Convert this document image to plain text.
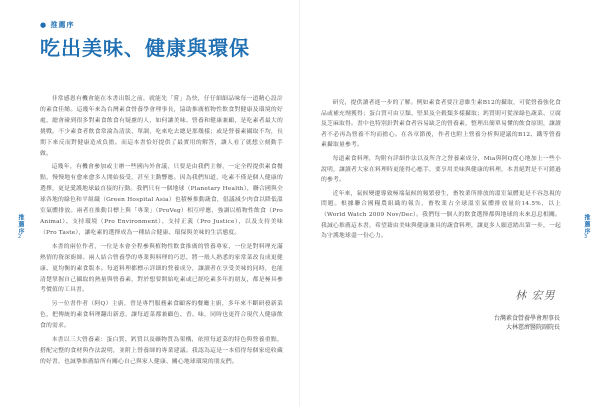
● 推薦序
吃出美味、健康與環保

非常感恩有機會能在本書出版之前，就能先「嘗」為快，仔仔細細品味每一道精心設計的素食佳餚。這幾年來為台灣素食營養學會理事長，協助推廣植物性飲食對健康及環境的好處，總會碰到很多對素食飲食有疑慮的人，如何讓美味、營養和健康兼顧，是吃素者最大的挑戰。不少素食者飲食常淪為清淡、單調，吃來吃去總是那幾樣；或是營養素攝取不均，長期下來反而對健康造成負擔。而這本書恰好提供了最實用的解答，讓人看了就想立刻動手做。

這幾年，有機會參加或主辦一些國內外會議，只要是由我們主辦，一定全程提供素食餐點，慢慢地有愈來愈多人開始接受，甚至主動響應。因為我們知道，吃素不僅是個人健康的選擇，更是愛護地球最直接的行動。我們只有一個地球（Planetary Health），聯合國與全球各地的綠色和平組織（Green Hospital Asia）也積極推動蔬食，倡議減少肉食以降低溫室氣體排放。兩者在推動目標上與「專業」（ProVeg）相互呼應，強調以植物性飲食（Pro Animal）、支持環境（Pro Environment）、支持正義（Pro Justice），以及支持美味（Pro Taste），讓吃素的選擇成為一種結合健康、環保與美味的生活態度。

本書的兩位作者，一位是本會全程參與植物性飲食推廣的營養專家，一位是對料理充滿熱情的資深廚師。兩人結合營養學的專業與料理的巧思，將一般人熟悉的家常菜改良成更健康、更均衡的素食版本。每道料理都標示詳細的營養成分，讓讀者在享受美味的同時，也能清楚掌握自己攝取的熱量與營養素，對於想要開始吃素或已經吃素多年的朋友，都是極具參考價值的工具書。

另一位書作者（阿Q）主廚，曾是專門服務素食顧客的餐廳主廚，多年來不斷研發新菜色，把傳統的素食料理翻出新意，讓每道菜都兼顧色、香、味，同時也更符合現代人健康飲食的需求。

本書以三大營養素：蛋白質、鈣質以及礦物質為架構，依照每道菜的特色與營養重點，搭配完整的食材與作法說明，並附上營養師的專業建議。我認為這是一本值得每個家庭收藏的好書，也誠摯推薦給所有關心自己與家人健康、關心地球環境的朋友們。

研究，提供讀者進一步的了解。例如素食者要注意維生素B12的攝取，可從營養強化食品或補充劑獲得；蛋白質可由豆類、堅果及全穀類多樣攝取；鈣質則可從深綠色蔬菜、豆腐及芝麻取得。書中也特別針對素食者容易缺乏的營養素，整理出簡單易懂的飲食原則，讓讀者不必再為營養不均而擔心。在各章節後，作者也附上營養分析與建議的B12、鐵等營養素攝取量參考。

每道素食料理，均附有詳細作法以及所含之營養素成分，Mia與阿Q從心地加上一些小說明，讓讀者大家在料理時更能得心應手，要享用美味與健康的料理，本書絕對是不可錯過的參考。

近年來，氣候變遷導致極端氣候的頻繁發生，畜牧業所排放的溫室氣體更是不容忽視的問題。根據聯合國糧農組織的報告，畜牧業占全球溫室氣體排放量約14.5%，以上（World Watch 2009 Nov/Dec）。我們每一個人的飲食選擇都與地球的未來息息相關。我誠心推薦這本書，希望藉由美味與健康兼具的蔬食料理，讓更多人願意踏出第一步，一起為守護地球盡一份心力。

推薦序
2
推薦序
3
林 宏男
台灣素食營養學會理事長
大林慈濟醫院副院長
